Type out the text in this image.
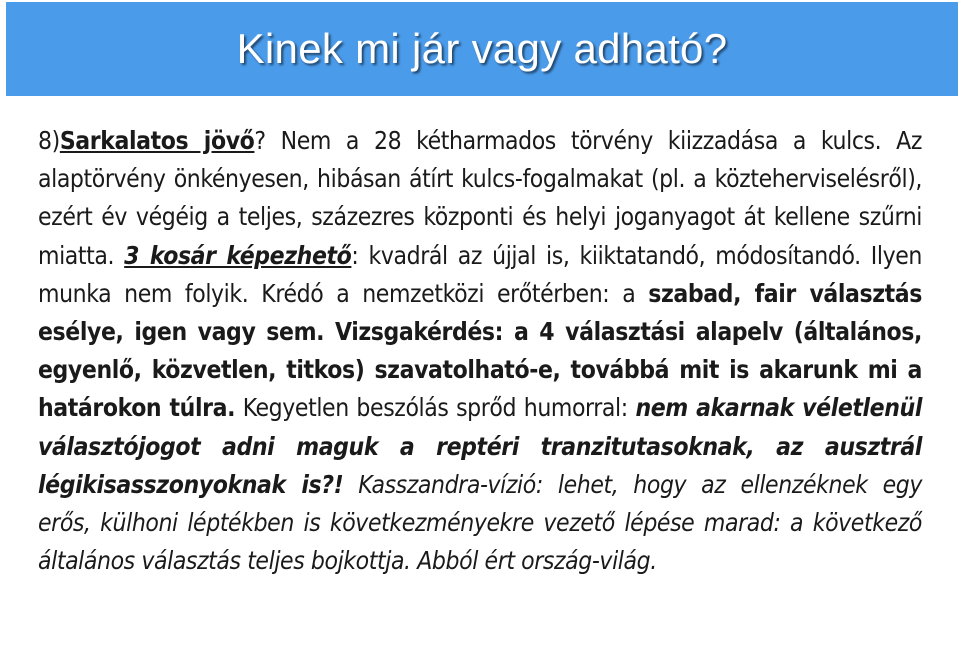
Kinek mi jár vagy adható?
8)Sarkalatos jövő? Nem a 28 kétharmados törvény kiizzadása a kulcs. Az alaptörvény önkényesen, hibásan átírt kulcs-fogalmakat (pl. a közteherviselésről), ezért év végéig a teljes, százezres központi és helyi joganyagot át kellene szűrni miatta. 3 kosár képezhető: kvadrál az újjal is, kiiktatandó, módosítandó. Ilyen munka nem folyik. Krédó a nemzetközi erőtérben: a szabad, fair választás esélye, igen vagy sem. Vizsgakérdés: a 4 választási alapelv (általános, egyenlő, közvetlen, titkos) szavatolható-e, továbbá mit is akarunk mi a határokon túlra. Kegyetlen beszólás sprőd humorral: nem akarnak véletlenül választójogot adni maguk a reptéri tranzitutasoknak, az ausztrál légikisasszonyoknak is?! Kasszandra-vízió: lehet, hogy az ellenzéknek egy erős, külhoni léptékben is következményekre vezető lépése marad: a következő általános választás teljes bojkottja. Abból ért ország-világ.
